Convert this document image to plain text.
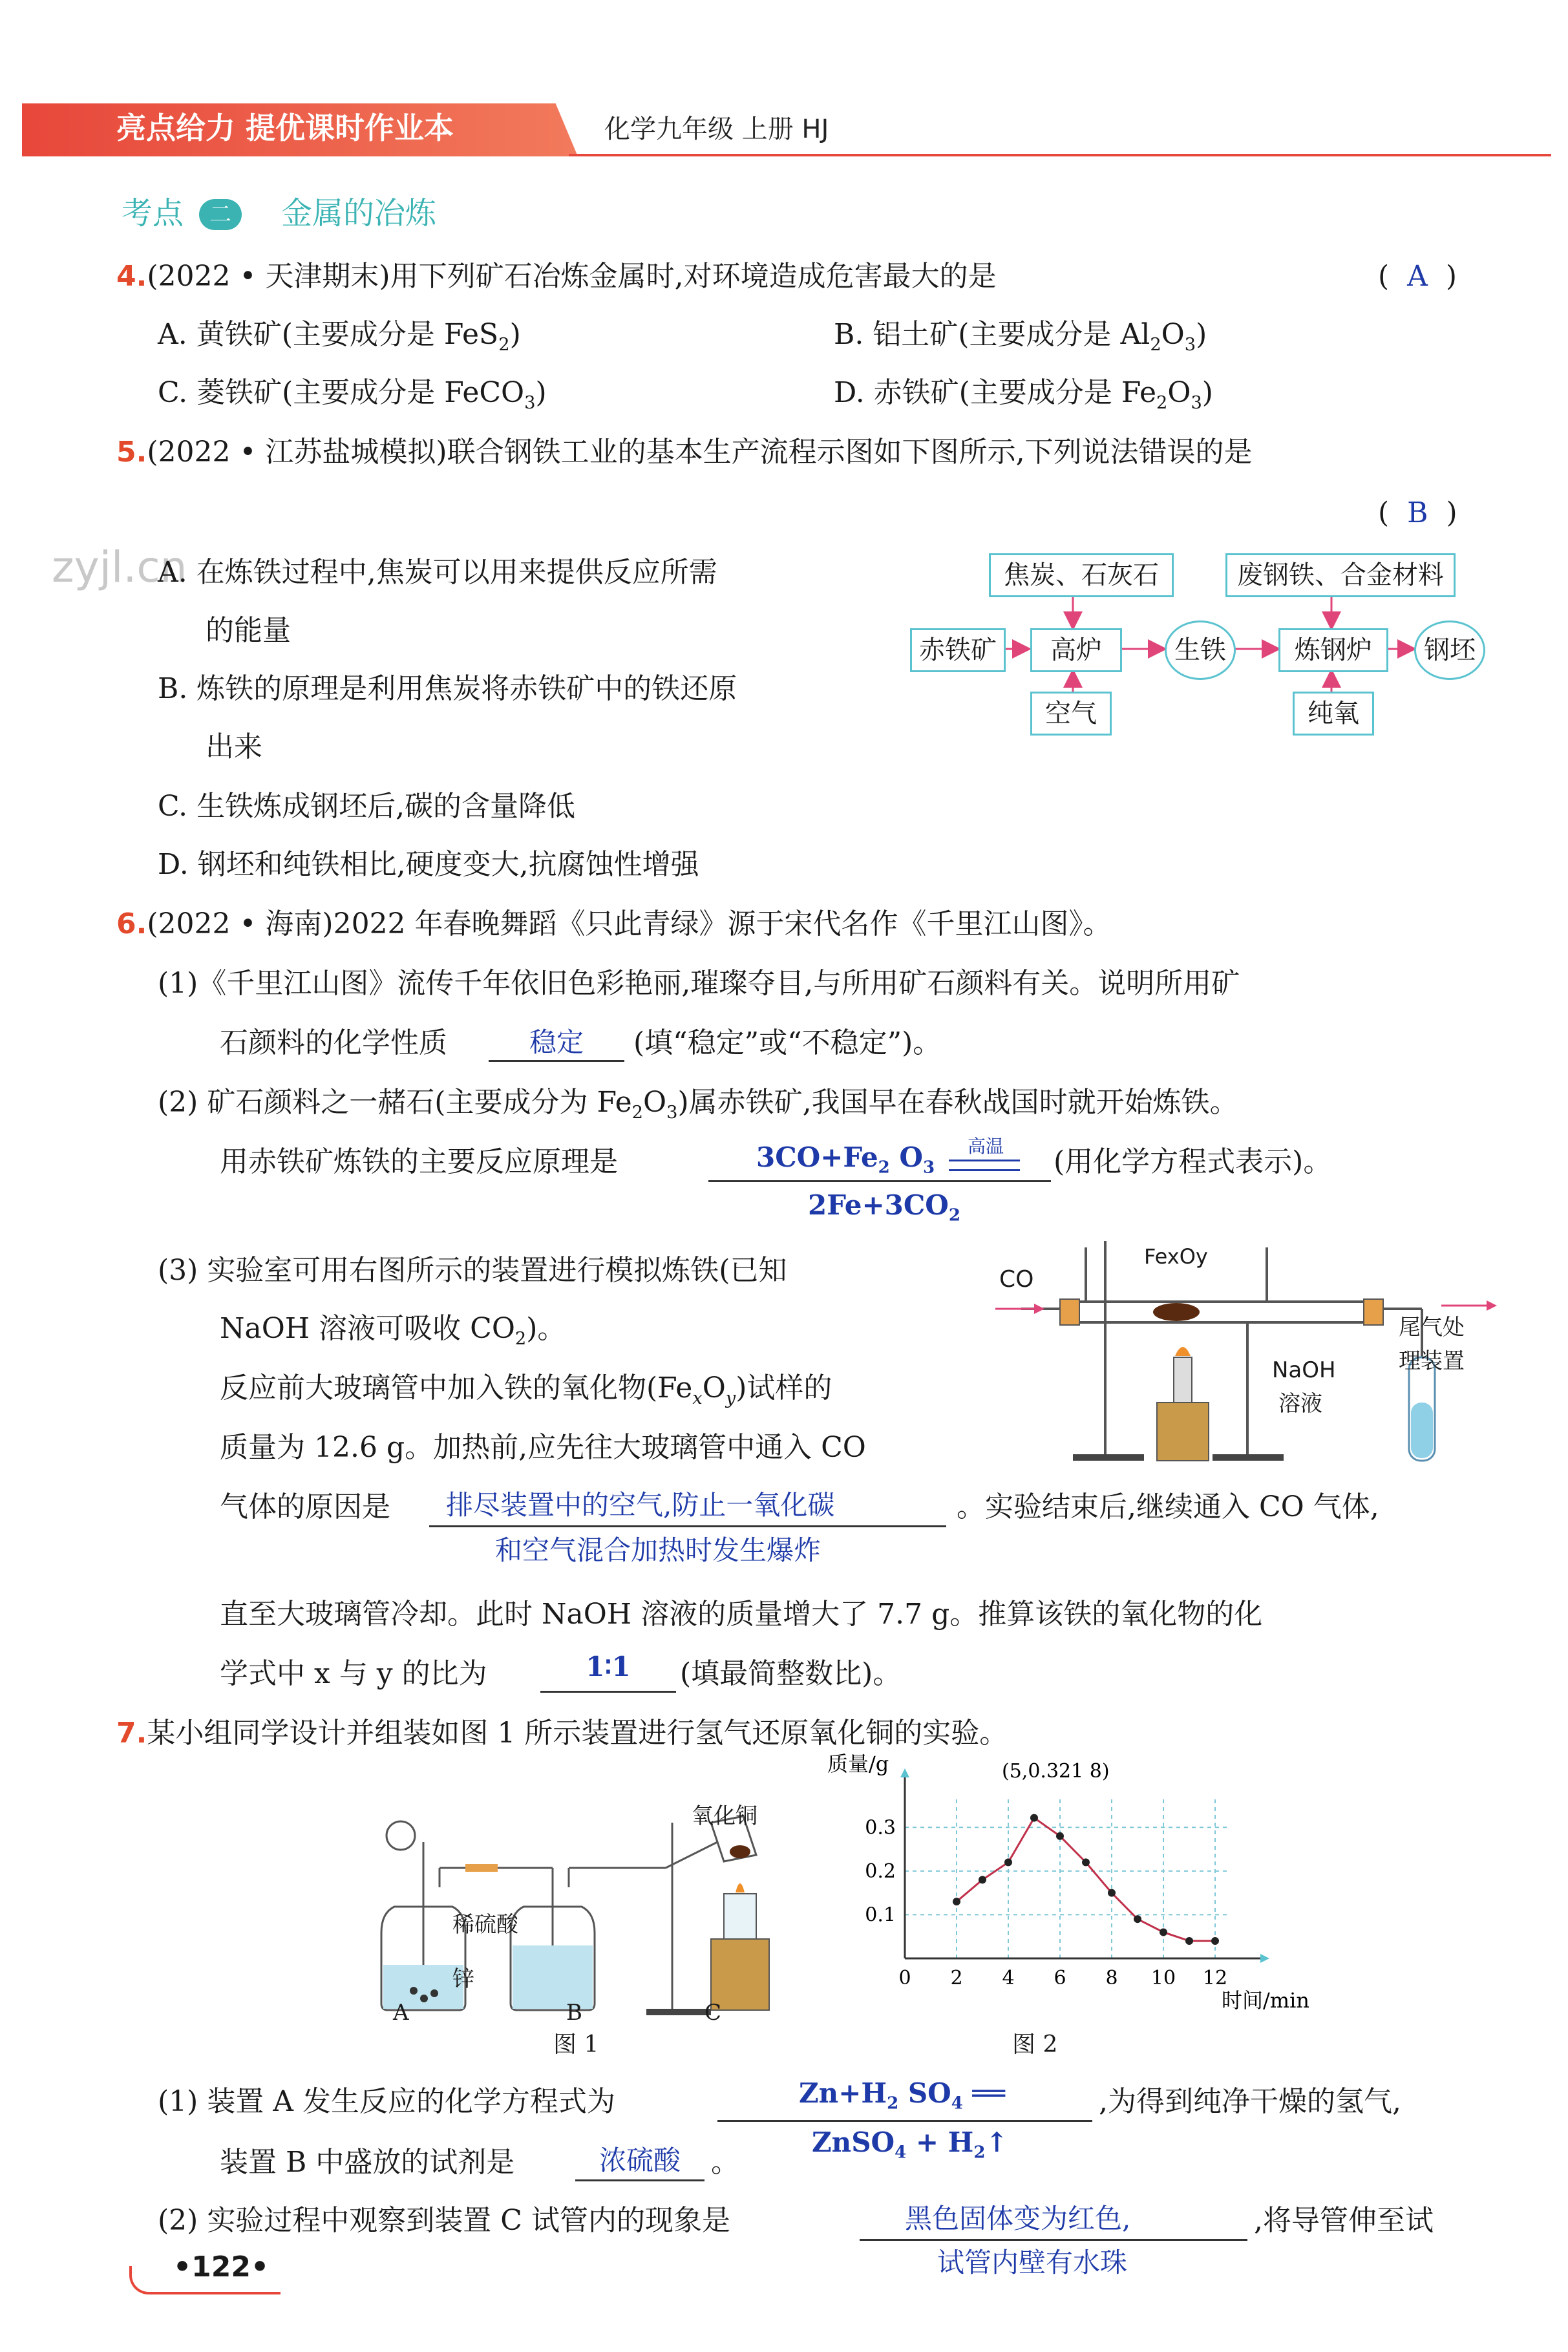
亮点给力 提优课时作业本	化学九年级 上册 HJ
考点	二	金属的冶炼
4.(2022 • 天津期末)用下列矿石冶炼金属时,对环境造成危害最大的是	(  A  )
A. 黄铁矿(主要成分是 FeS$_2$)	B. 铝土矿(主要成分是 $Al_2O_3$)
C. 菱铁矿(主要成分是 FeCO$_3$)	D. 赤铁矿(主要成分是 $Fe_2O_3$)
5.(2022 • 江苏盐城模拟)联合钢铁工业的基本生产流程示图如下图所示,下列说法错误的是
(  B  )
zyjl.cn
A. 在炼铁过程中,焦炭可以用来提供反应所需
的能量
B. 炼铁的原理是利用焦炭将赤铁矿中的铁还原
出来
C. 生铁炼成钢坯后,碳的含量降低
D. 钢坯和纯铁相比,硬度变大,抗腐蚀性增强
焦炭、石灰石	废钢铁、合金材料
赤铁矿	高炉	生铁	炼钢炉	钢坯
空气	纯氧
6.(2022 • 海南)2022 年春晚舞蹈《只此青绿》源于宋代名作《千里江山图》。
(1)《千里江山图》流传千年依旧色彩艳丽,璀璨夺目,与所用矿石颜料有关。说明所用矿
石颜料的化学性质	稳定	(填“稳定”或“不稳定”)。
(2) 矿石颜料之一赭石(主要成分为 $Fe_2O_3$)属赤铁矿,我国早在春秋战国时就开始炼铁。
用赤铁矿炼铁的主要反应原理是	$3CO+Fe_2$ $O_3$
高温
$2Fe+3CO_2$
(用化学方程式表示)。
(3) 实验室可用右图所示的装置进行模拟炼铁(已知
NaOH 溶液可吸收 $CO_2$)。
反应前大玻璃管中加入铁的氧化物$(Fe_xO_y)$试样的
质量为 12.6 g。加热前,应先往大玻璃管中通入 CO
气体的原因是 排尽装置中的空气,防止一氧化碳
和空气混合加热时发生爆炸
。实验结束后,继续通入 CO 气体,
直至大玻璃管冷却。此时 NaOH 溶液的质量增大了 7.7 g。推算该铁的氧化物的化
学式中 x 与 y 的比为	1∶1	(填最简整数比)。
CO
FexOy
NaOH
溶液
尾气处
理装置
7.某小组同学设计并组装如图 1 所示装置进行氢气还原氧化铜的实验。
氧化铜
稀硫酸
锌
A	B	C
图 1
0 2 4 6 8 10 12
0.1
0.2
0.3
质量/g
时间/min
(5,0.321 8)
图 2
(1) 装置 A 发生反应的化学方程式为	$Zn+H_2$ $SO_4$ ══
ZnSO$_4$ + $H_2↑$
,为得到纯净干燥的氢气,
装置 B 中盛放的试剂是	浓硫酸	。
(2) 实验过程中观察到装置 C 试管内的现象是	黑色固体变为红色,
试管内壁有水珠
,将导管伸至试
•122•
